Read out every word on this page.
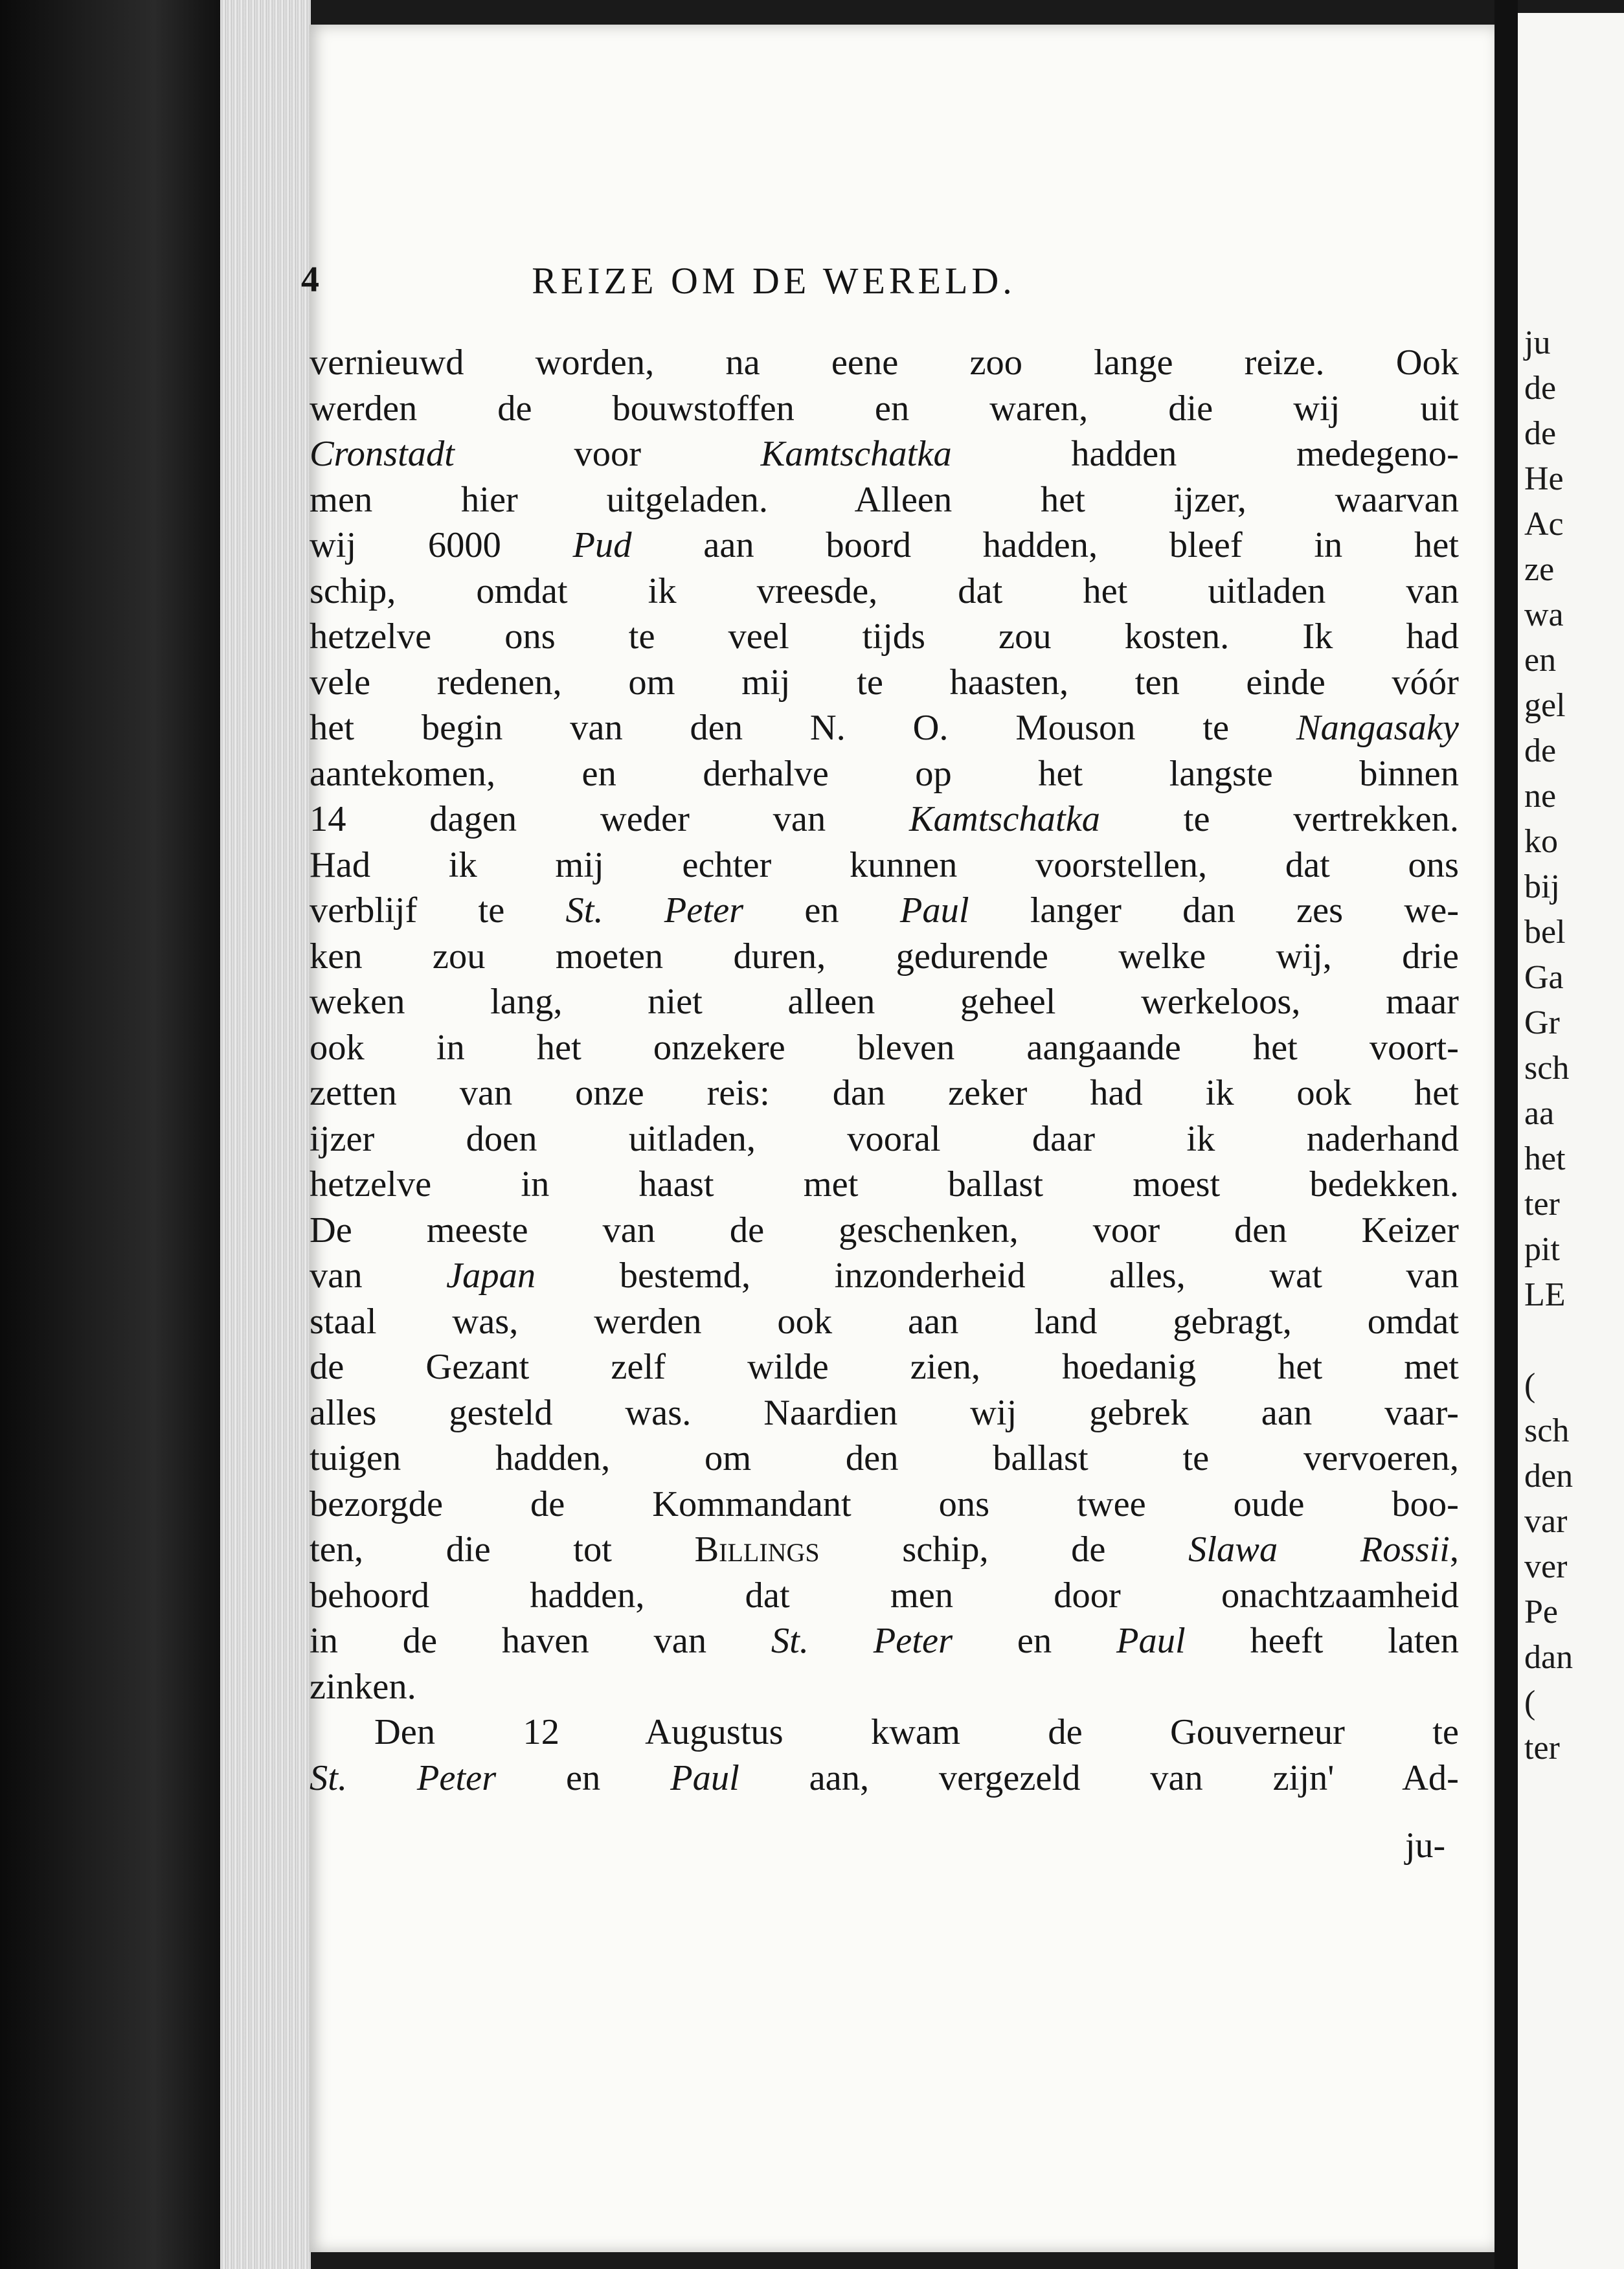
ju
de
de
He
Ac
ze
wa
en
gel
de
ne
ko
bij
bel
Ga
Gr
sch
aa
het
ter
pit
LE
(
sch
den
var
ver
Pe
dan
(
ter
4	REIZE OM DE WERELD.
vernieuwd worden, na eene zoo lange reize. Ook
werden de bouwstoffen en waren, die wij uit
Cronstadt voor Kamtschatka hadden medegeno-
men hier uitgeladen. Alleen het ijzer, waarvan
wij 6000 Pud aan boord hadden, bleef in het
schip, omdat ik vreesde, dat het uitladen van
hetzelve ons te veel tijds zou kosten. Ik had
vele redenen, om mij te haasten, ten einde vóór
het begin van den N. O. Mouson te Nangasaky
aantekomen, en derhalve op het langste binnen
14 dagen weder van Kamtschatka te vertrekken.
Had ik mij echter kunnen voorstellen, dat ons
verblijf te St. Peter en Paul langer dan zes we-
ken zou moeten duren, gedurende welke wij, drie
weken lang, niet alleen geheel werkeloos, maar
ook in het onzekere bleven aangaande het voort-
zetten van onze reis: dan zeker had ik ook het
ijzer doen uitladen, vooral daar ik naderhand
hetzelve in haast met ballast moest bedekken.
De meeste van de geschenken, voor den Keizer
van Japan bestemd, inzonderheid alles, wat van
staal was, werden ook aan land gebragt, omdat
de Gezant zelf wilde zien, hoedanig het met
alles gesteld was. Naardien wij gebrek aan vaar-
tuigen hadden, om den ballast te vervoeren,
bezorgde de Kommandant ons twee oude boo-
ten, die tot Billings schip, de Slawa Rossii,
behoord hadden, dat men door onachtzaamheid
in de haven van St. Peter en Paul heeft laten
zinken.
Den 12 Augustus kwam de Gouverneur te
St. Peter en Paul aan, vergezeld van zijn' Ad-
ju-
